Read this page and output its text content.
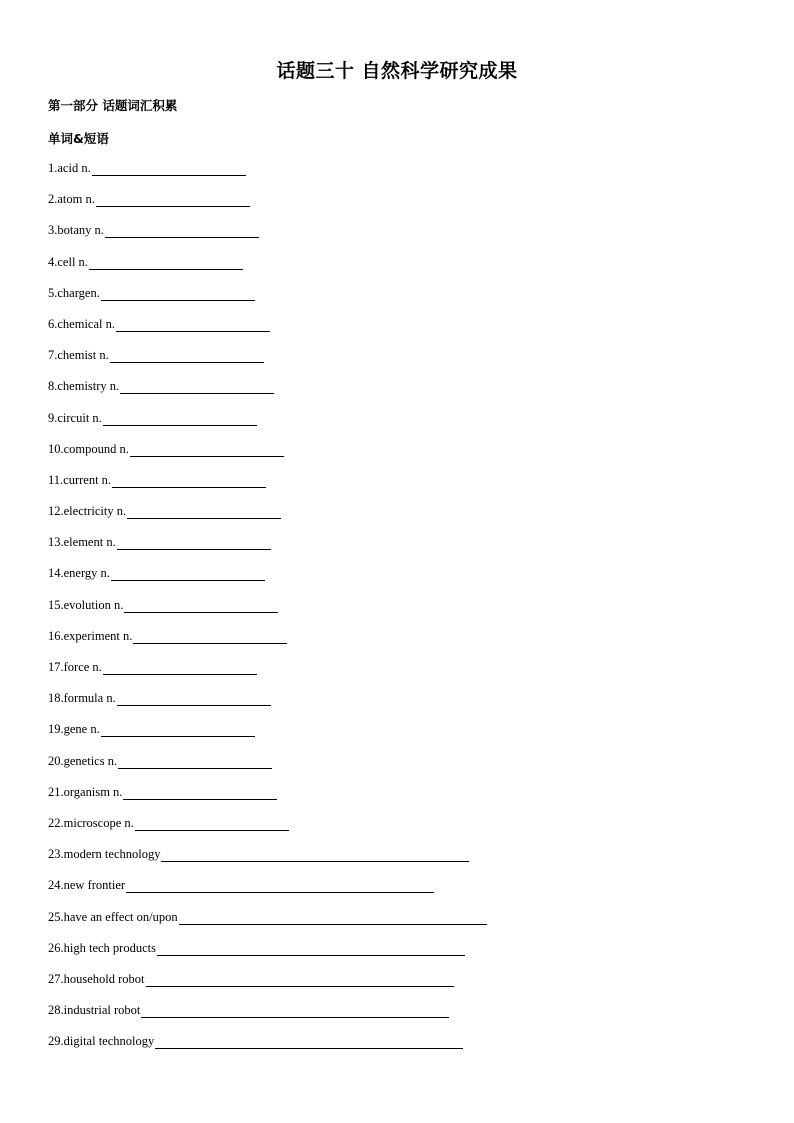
话题三十 自然科学研究成果
第一部分 话题词汇积累
单词&短语
1.acid n.
2.atom n.
3.botany n.
4.cell n.
5.chargen.
6.chemical n.
7.chemist n.
8.chemistry n.
9.circuit n.
10.compound n.
11.current n.
12.electricity n.
13.element n.
14.energy n.
15.evolution n.
16.experiment n.
17.force n.
18.formula n.
19.gene n.
20.genetics n.
21.organism n.
22.microscope n.
23.modern technology
24.new frontier
25.have an effect on/upon
26.high tech products
27.household robot
28.industrial robot
29.digital technology
